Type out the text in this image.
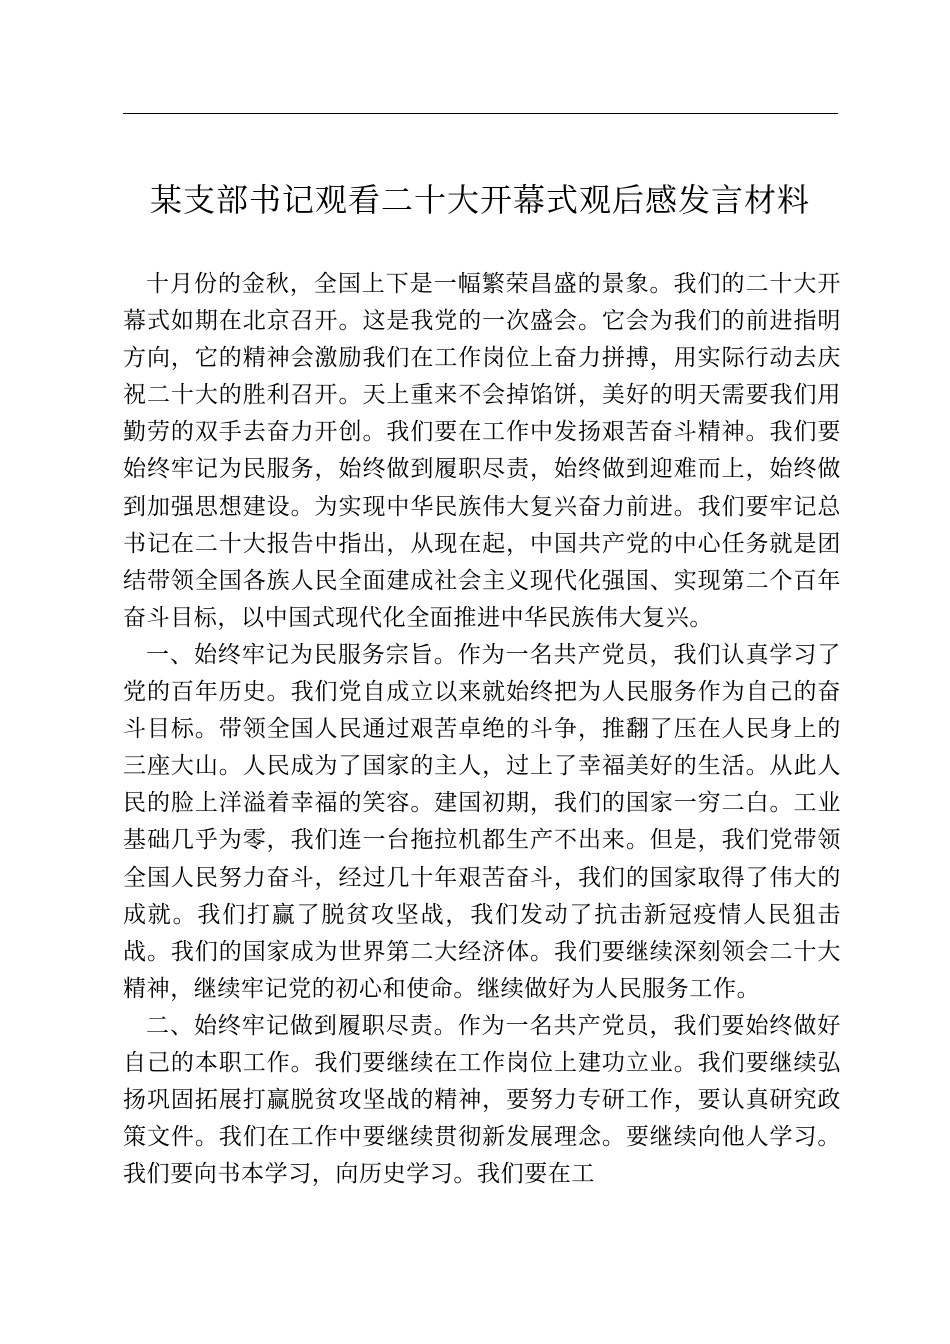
某支部书记观看二十大开幕式观后感发言材料

十月份的金秋，全国上下是一幅繁荣昌盛的景象。我们的二十大开幕式如期在北京召开。这是我党的一次盛会。它会为我们的前进指明方向，它的精神会激励我们在工作岗位上奋力拼搏，用实际行动去庆祝二十大的胜利召开。天上重来不会掉馅饼，美好的明天需要我们用勤劳的双手去奋力开创。我们要在工作中发扬艰苦奋斗精神。我们要始终牢记为民服务，始终做到履职尽责，始终做到迎难而上，始终做到加强思想建设。为实现中华民族伟大复兴奋力前进。我们要牢记总书记在二十大报告中指出，从现在起，中国共产党的中心任务就是团结带领全国各族人民全面建成社会主义现代化强国、实现第二个百年奋斗目标，以中国式现代化全面推进中华民族伟大复兴。

一、始终牢记为民服务宗旨。作为一名共产党员，我们认真学习了党的百年历史。我们党自成立以来就始终把为人民服务作为自己的奋斗目标。带领全国人民通过艰苦卓绝的斗争，推翻了压在人民身上的三座大山。人民成为了国家的主人，过上了幸福美好的生活。从此人民的脸上洋溢着幸福的笑容。建国初期，我们的国家一穷二白。工业基础几乎为零，我们连一台拖拉机都生产不出来。但是，我们党带领全国人民努力奋斗，经过几十年艰苦奋斗，我们的国家取得了伟大的成就。我们打赢了脱贫攻坚战，我们发动了抗击新冠疫情人民狙击战。我们的国家成为世界第二大经济体。我们要继续深刻领会二十大精神，继续牢记党的初心和使命。继续做好为人民服务工作。

二、始终牢记做到履职尽责。作为一名共产党员，我们要始终做好自己的本职工作。我们要继续在工作岗位上建功立业。我们要继续弘扬巩固拓展打赢脱贫攻坚战的精神，要努力专研工作，要认真研究政策文件。我们在工作中要继续贯彻新发展理念。要继续向他人学习。我们要向书本学习，向历史学习。我们要在工
